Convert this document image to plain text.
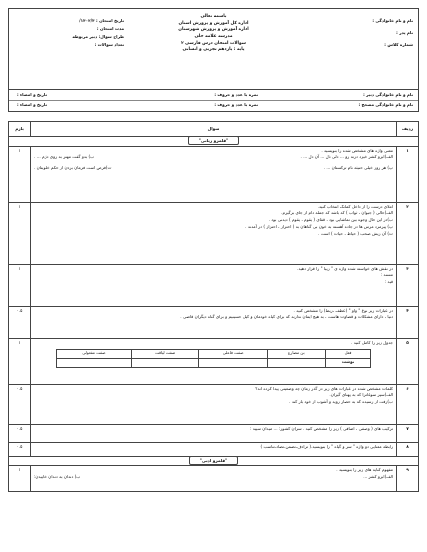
نام و نام خانوادگی :
نام پدر :
شماره کلاس :
باسمه تعالی
اداره کل آموزش و پرورش استان
اداره آموزش و پرورش شهرستان
مدرسه علامه حلی
سوالات امتحان درس فارسی ۲
پایه : یازدهم تجربی و انسانی
تاریخ امتحان : ۱۴۰۲/۳/
مدت امتحان :
طراح سوال: دبیر مربوطه
تعداد سوالات :
نام و نام خانوادگی دبیر :
نمره با عدد و حروف :
تاریخ و امضاء :
نام و نام خانوادگی مصحح :
نمره با عدد و حروف :
تاریخ و امضاء :
ردیف	سوال	بارم
"قلمرو زبانی"
۱	
معنی واژه های مشخص شده را بنویسید .
الف)ابرو کشر خیزد درنه رو ... دلی ذل ... آن دل ... .
ب) بدو گفت مهتر به روی دژم ... .
پ) هر روز خیلی حنیثه نام ترکستان ... .
ت)فرص است فرمان بردن از حکم خلوبتان .
	۱
۲	
املای درست را از داخل کمانک انتخاب کنید.
الف)حالی ( جبوان ، ثواب ) که باشد که جمله دام از جای برگیرم.
ب)در این حال وجوه بین تماشایی بود ، قفای ( یقوم ، یقوم ) دیدنی بود .
پ) پیرمرد مرس ها در جاده آهسته به خون بی گناهان به ( احتراز ، احتزاز ) در آمدند .
ت) آن زیش صحب ( حیاط ، حیات ) است .
	۱
۳	
در نقش های خواسته شده واژه ی " زیبا " را قرار دهید.
مسند :
قید :
	۱
۴	
در عبارات زیر نوع " واو " (عطف ،ربط) را مشخص کنید .
دنیا ، دارای مشکلات و قضاوت هاست ، به هیچ ایمان ندارند که برای کیاه خودمان و کیل حسینیم و برای گناه دیگران قاضی .
	۰.۵
۵	
جدول زیر را کامل کنید .
فعل	بن مضارع	صفت فاعلی	صفت لیاقت	صفت مفعولی
نوشت				
	۱
۶	
کلمات مشخص شده در عبارات های زیر در گذر زمان چه وضعیتی پیدا کرده اند؟
الف)سپر سوغاترا که به پهنای گیران.
ب)رفت از رسیده که به حصار روید و آشوب از خود بار کند .
	۰.۵
۷	
ترکیب های ( وصفی ، اضافی ) زیر را مشخص کنید . سران کشور: ... میدان سپید :
	۰.۵
۸	
رابطه معنایی دو واژه " سر و گیاه " را بنویسید.( ترادف،تضمن،تضاد،تناسب )
	۰.۵
"قلمرو ادبی"
۹	
مفهوم کنایه های زیر را بنویسید .
الف)ابرو کشر ...
ب) دندان به دندان خاییدن:
	۱
